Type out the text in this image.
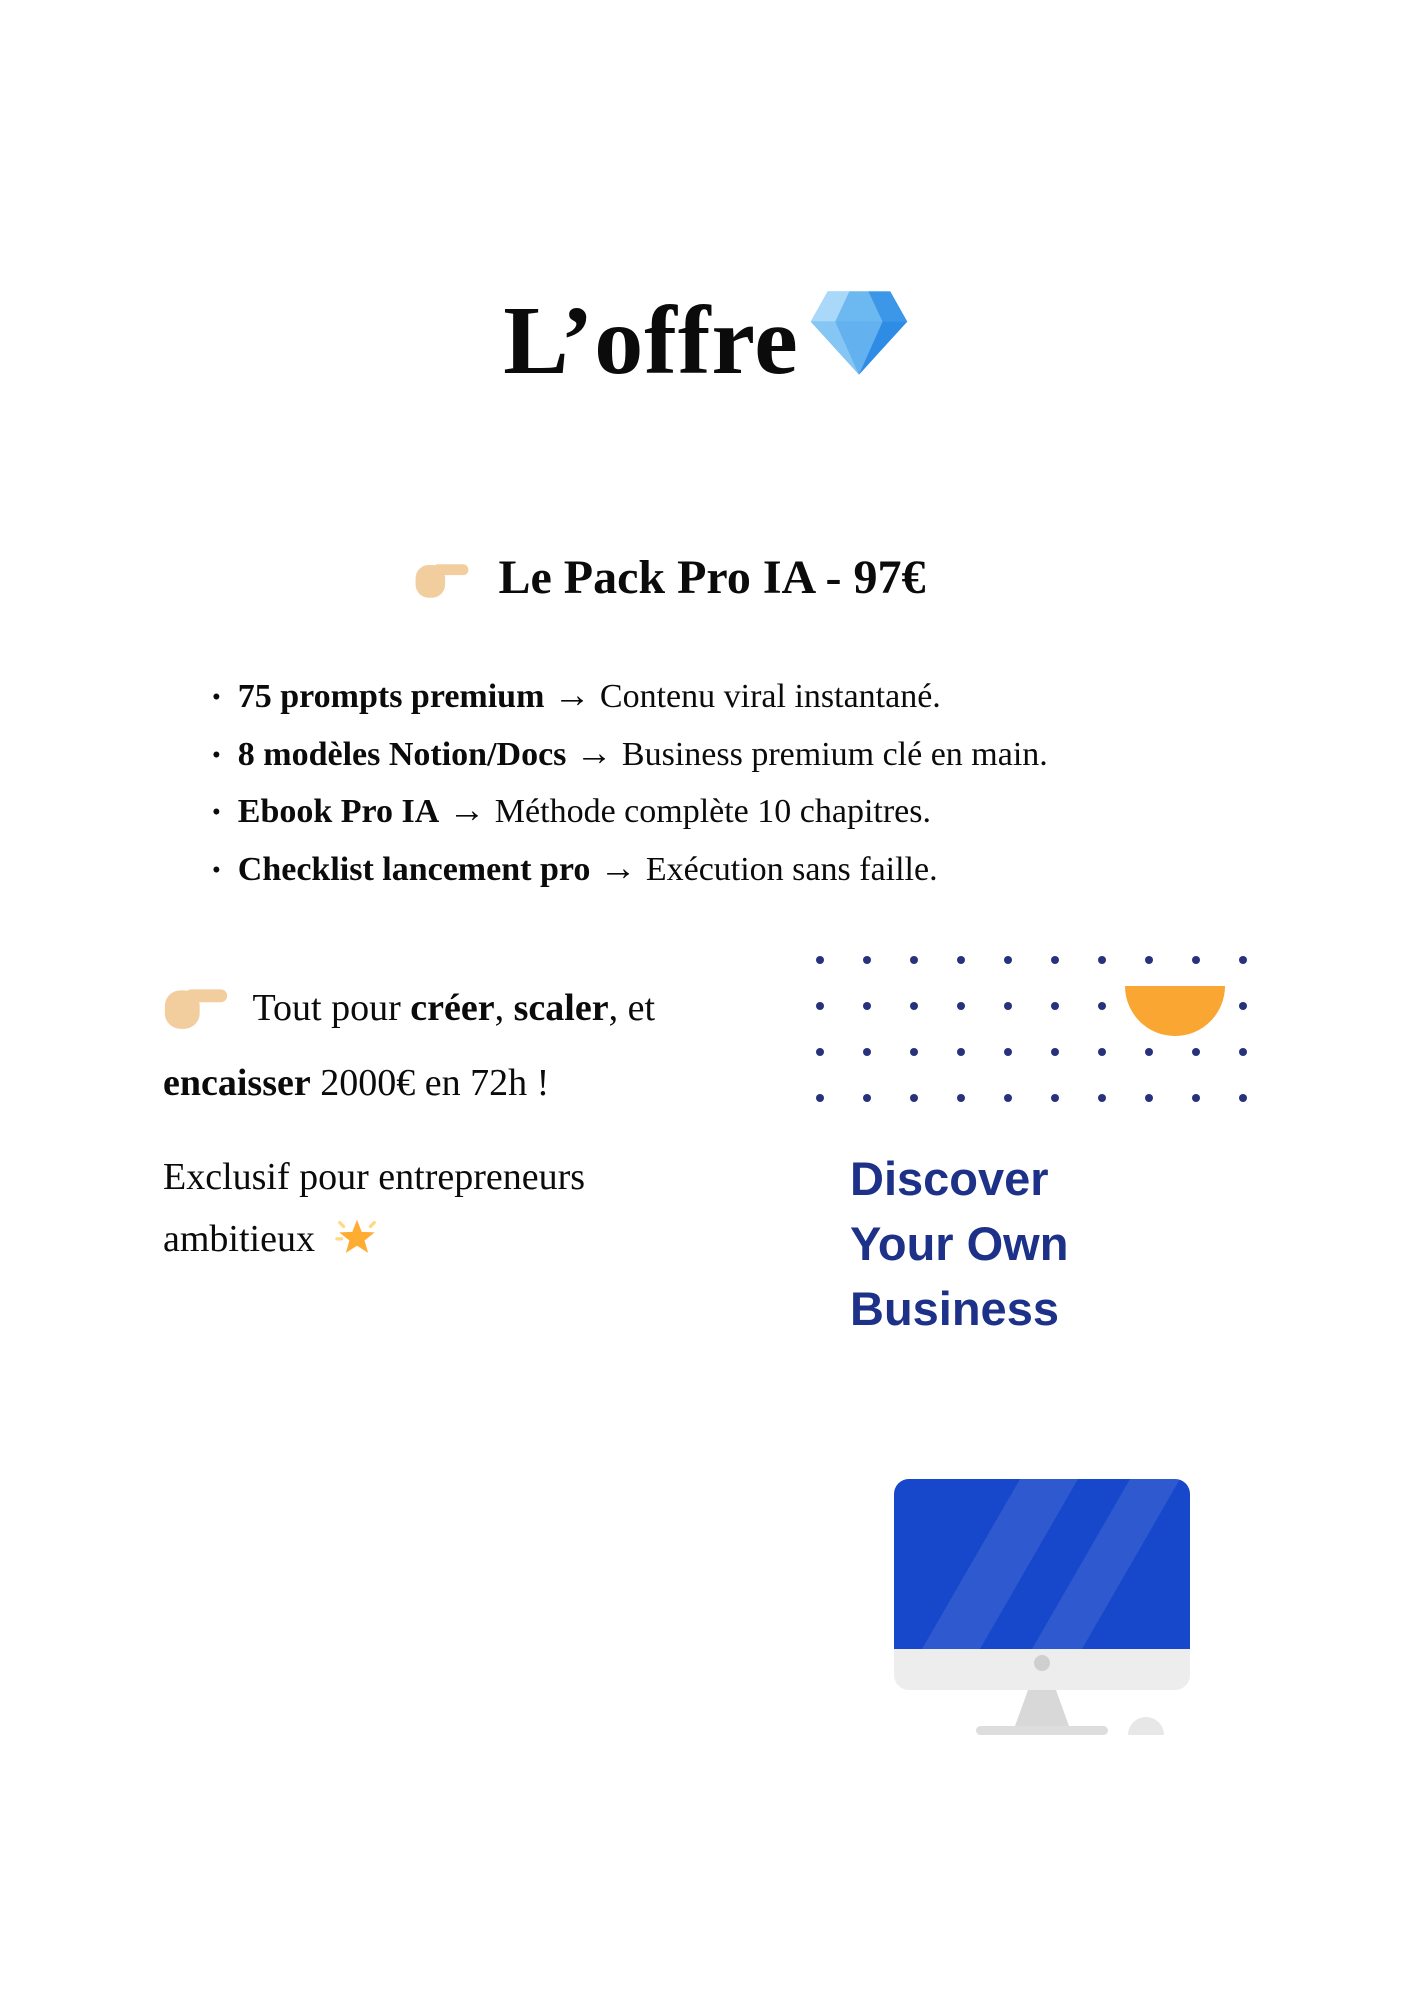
L’offre
Le Pack Pro IA - 97€
• 75 prompts premium → Contenu viral instantané.
• 8 modèles Notion/Docs → Business premium clé en main.
• Ebook Pro IA → Méthode complète 10 chapitres.
• Checklist lancement pro → Exécution sans faille.
Tout pour créer, scaler, et encaisser 2000€ en 72h !
Exclusif pour entrepreneurs ambitieux
Discover
Your Own
Business
